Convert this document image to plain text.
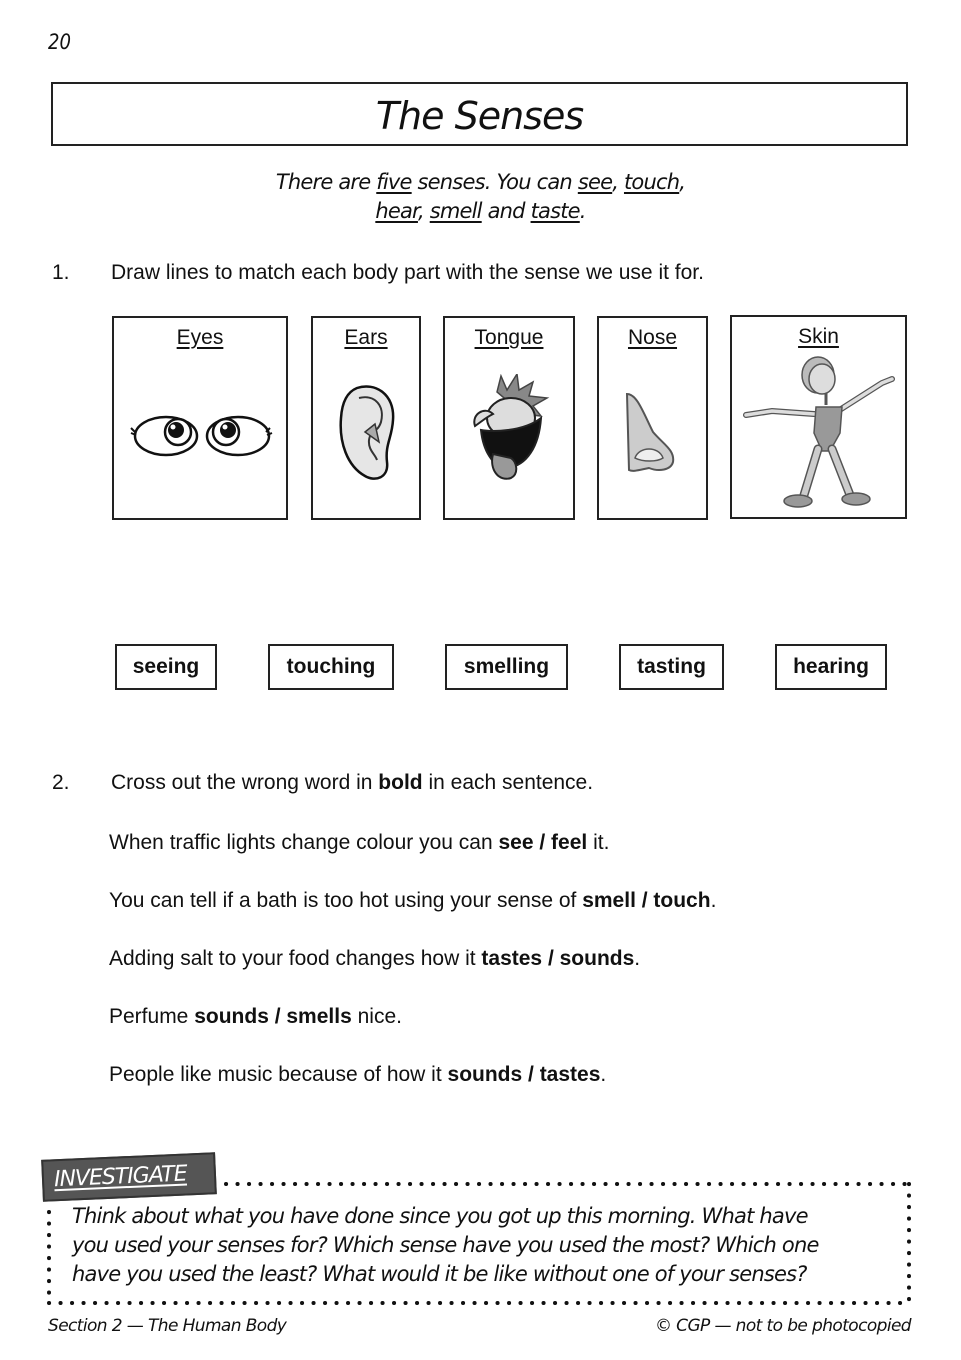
20
The Senses
There are five senses. You can see, touch,
hear, smell and taste.
1. Draw lines to match each body part with the sense we use it for.
Eyes	Ears	Tongue	Nose	Skin
seeing	touching	smelling	tasting	hearing
2. Cross out the wrong word in bold in each sentence.
When traffic lights change colour you can see / feel it.
You can tell if a bath is too hot using your sense of smell / touch.
Adding salt to your food changes how it tastes / sounds.
Perfume sounds / smells nice.
People like music because of how it sounds / tastes.
INVESTIGATE
Think about what you have done since you got up this morning. What have
you used your senses for? Which sense have you used the most? Which one
have you used the least? What would it be like without one of your senses?
Section 2 — The Human Body	© CGP — not to be photocopied
